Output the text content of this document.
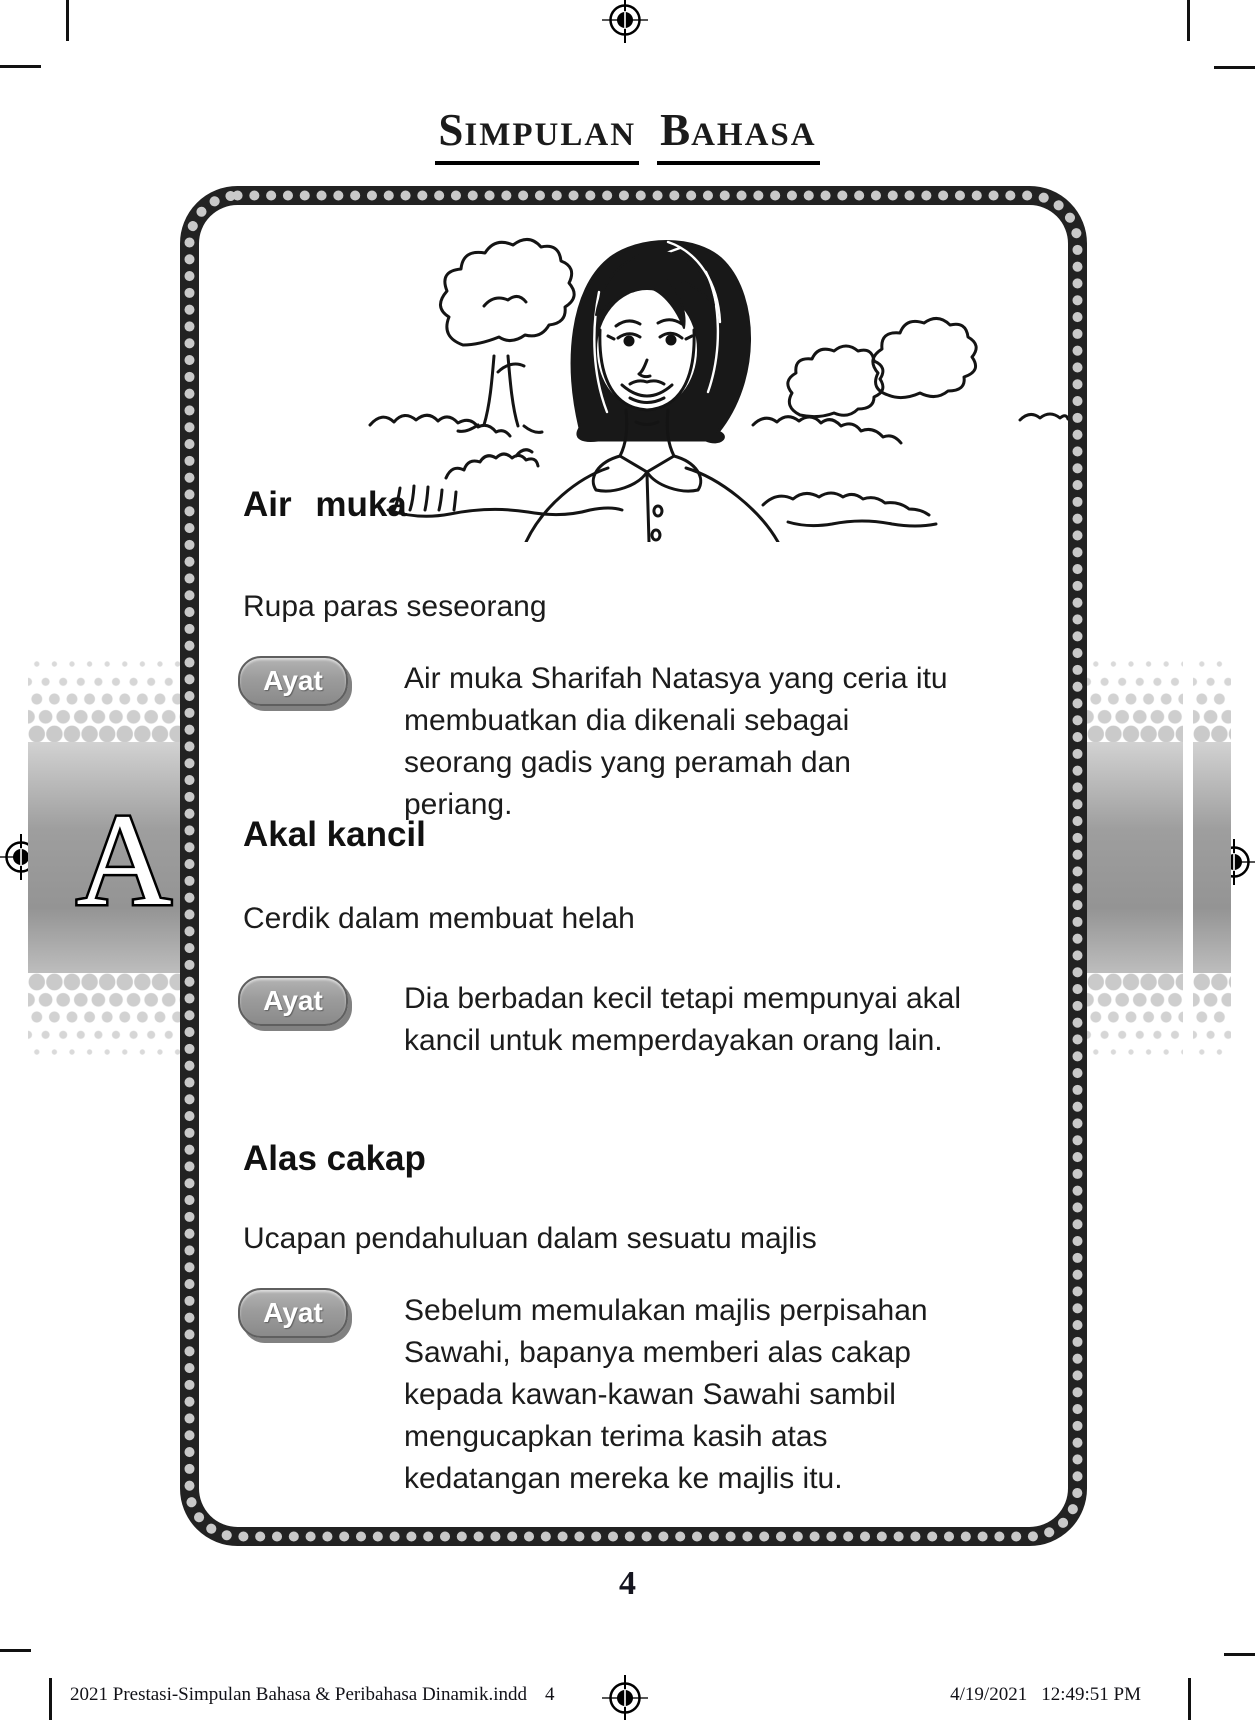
SIMPULAN BAHASA
A
Air muka
Rupa paras seseorang
Ayat	Air muka Sharifah Natasya yang ceria itu membuatkan dia dikenali sebagai seorang gadis yang peramah dan periang.

Akal kancil
Cerdik dalam membuat helah
Ayat	Dia berbadan kecil tetapi mempunyai akal kancil untuk memperdayakan orang lain.

Alas cakap
Ucapan pendahuluan dalam sesuatu majlis
Ayat	Sebelum memulakan majlis perpisahan Sawahi, bapanya memberi alas cakap kepada kawan-kawan Sawahi sambil mengucapkan terima kasih atas kedatangan mereka ke majlis itu.

4
2021 Prestasi-Simpulan Bahasa & Peribahasa Dinamik.indd 4	4/19/2021 12:49:51 PM
